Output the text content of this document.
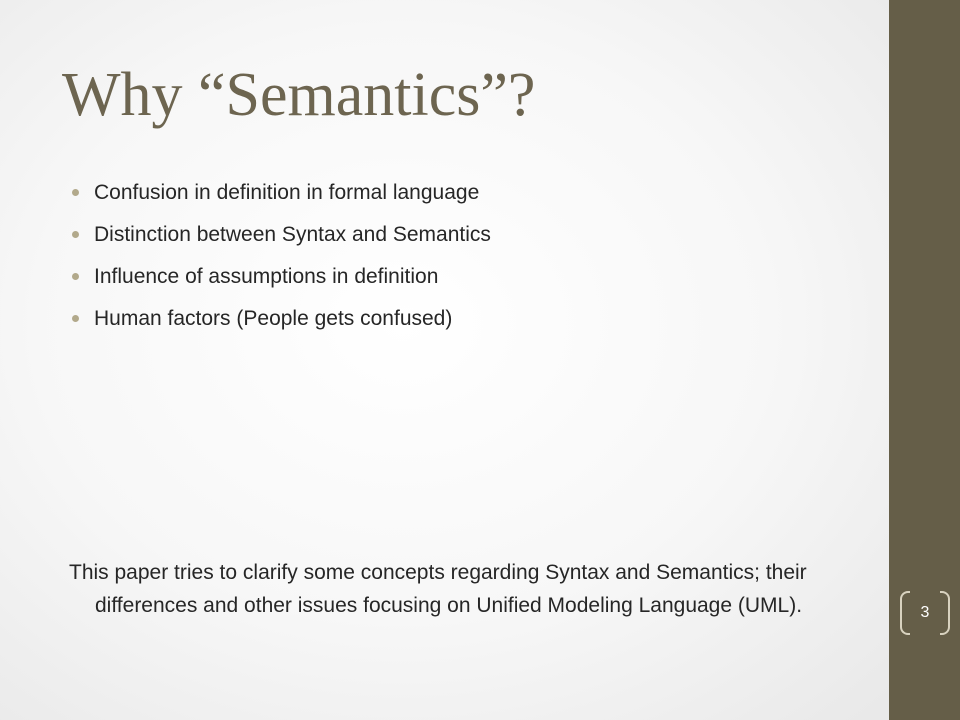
Why “Semantics”?
Confusion in definition in formal language
Distinction between Syntax and Semantics
Influence of assumptions in definition
Human factors (People gets confused)

This paper tries to clarify some concepts regarding Syntax and Semantics; their differences and other issues focusing on Unified Modeling Language (UML).	3
